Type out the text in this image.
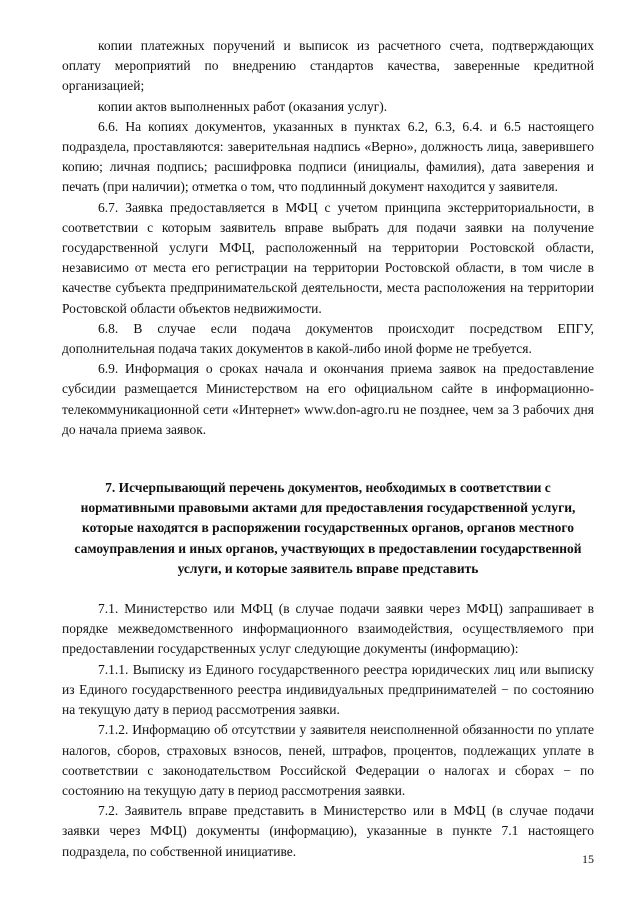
копии платежных поручений и выписок из расчетного счета, подтверждающих оплату мероприятий по внедрению стандартов качества, заверенные кредитной организацией;

копии актов выполненных работ (оказания услуг).

6.6. На копиях документов, указанных в пунктах 6.2, 6.3, 6.4. и 6.5 настоящего подраздела, проставляются: заверительная надпись «Верно», должность лица, заверившего копию; личная подпись; расшифровка подписи (инициалы, фамилия), дата заверения и печать (при наличии); отметка о том, что подлинный документ находится у заявителя.

6.7. Заявка предоставляется в МФЦ с учетом принципа экстерриториальности, в соответствии с которым заявитель вправе выбрать для подачи заявки на получение государственной услуги МФЦ, расположенный на территории Ростовской области, независимо от места его регистрации на территории Ростовской области, в том числе в качестве субъекта предпринимательской деятельности, места расположения на территории Ростовской области объектов недвижимости.

6.8. В случае если подача документов происходит посредством ЕПГУ, дополнительная подача таких документов в какой-либо иной форме не требуется.

6.9. Информация о сроках начала и окончания приема заявок на предоставление субсидии размещается Министерством на его официальном сайте в информационно-телекоммуникационной сети «Интернет» www.don-agro.ru не позднее, чем за 3 рабочих дня до начала приема заявок.

7. Исчерпывающий перечень документов, необходимых в соответствии с нормативными правовыми актами для предоставления государственной услуги, которые находятся в распоряжении государственных органов, органов местного самоуправления и иных органов, участвующих в предоставлении государственной услуги, и которые заявитель вправе представить

7.1. Министерство или МФЦ (в случае подачи заявки через МФЦ) запрашивает в порядке межведомственного информационного взаимодействия, осуществляемого при предоставлении государственных услуг следующие документы (информацию):

7.1.1. Выписку из Единого государственного реестра юридических лиц или выписку из Единого государственного реестра индивидуальных предпринимателей − по состоянию на текущую дату в период рассмотрения заявки.

7.1.2. Информацию об отсутствии у заявителя неисполненной обязанности по уплате налогов, сборов, страховых взносов, пеней, штрафов, процентов, подлежащих уплате в соответствии с законодательством Российской Федерации о налогах и сборах − по состоянию на текущую дату в период рассмотрения заявки.

7.2. Заявитель вправе представить в Министерство или в МФЦ (в случае подачи заявки через МФЦ) документы (информацию), указанные в пункте 7.1 настоящего подраздела, по собственной инициативе.

15
